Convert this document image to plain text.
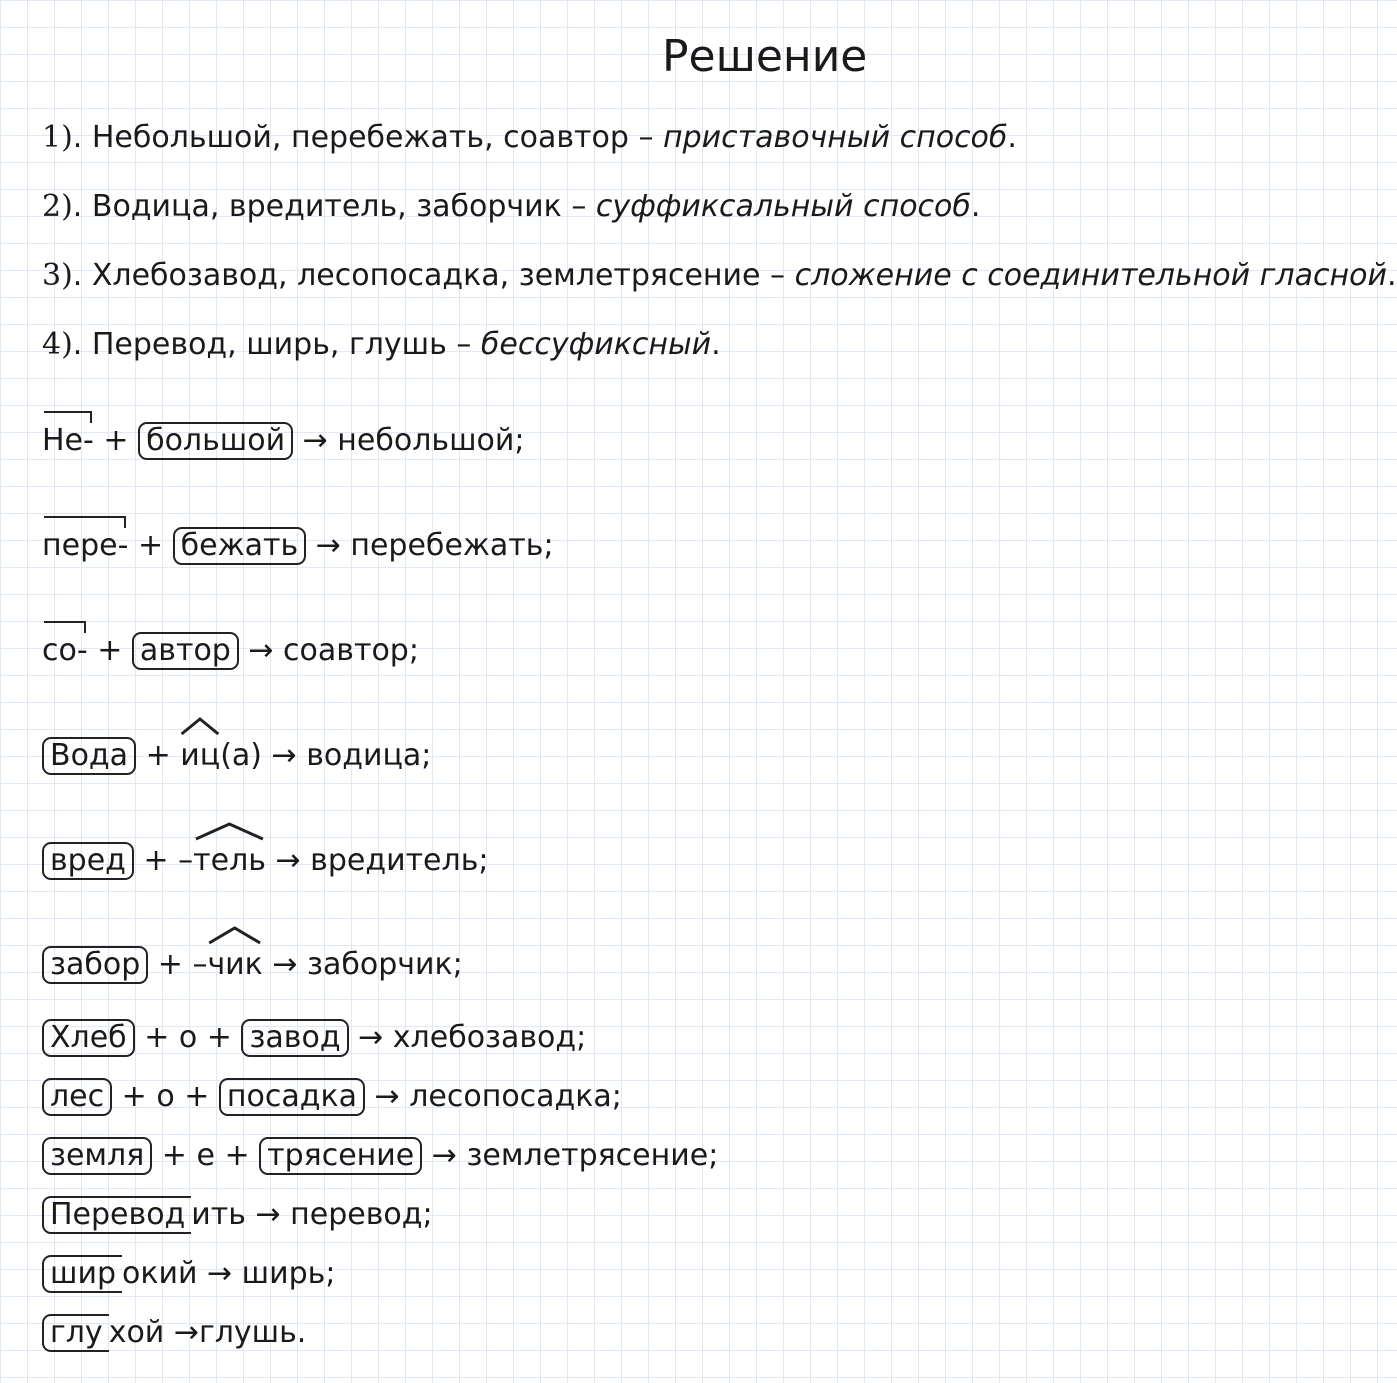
Решение
1). Небольшой, перебежать, соавтор – приставочный способ.
2). Водица, вредитель, заборчик – суффиксальный способ.
3). Хлебозавод, лесопосадка, землетрясение – сложение с соединительной гласной.
4). Перевод, ширь, глушь – бессуфиксный.
Не- + большой → небольшой;
пере- + бежать → перебежать;
со- + автор → соавтор;
Вода +
иц(а) → водица;
вред + –
тель → вредитель;
забор + –
чик → заборчик;
Хлеб + о + завод → хлебозавод;
лес + о + посадка → лесопосадка;
земля + е + трясение → землетрясение;
Перевод ить → перевод;
шир окий → ширь;
глу хой →глушь.
